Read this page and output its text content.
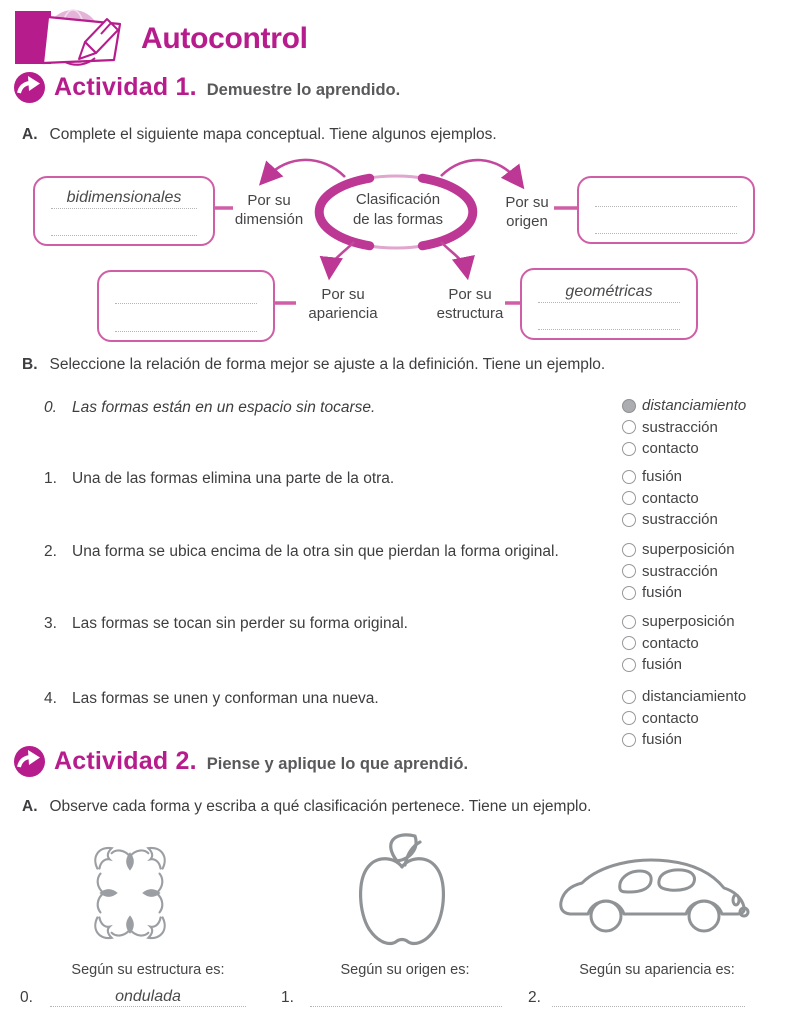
Autocontrol
Actividad 1. Demuestre lo aprendido.
A. Complete el siguiente mapa conceptual. Tiene algunos ejemplos.
Clasificación
de las formas
bidimensionales
geométricas
Por su
dimensión
Por su
origen
Por su
apariencia
Por su
estructura
B. Seleccione la relación de forma mejor se ajuste a la definición. Tiene un ejemplo.
0. Las formas están en un espacio sin tocarse.	distanciamiento
sustracción
contacto
1. Una de las formas elimina una parte de la otra.	fusión
contacto
sustracción
2. Una forma se ubica encima de la otra sin que pierdan la forma original.	superposición
sustracción
fusión
3. Las formas se tocan sin perder su forma original.	superposición
contacto
fusión
4. Las formas se unen y conforman una nueva.	distanciamiento
contacto
fusión
Actividad 2. Piense y aplique lo que aprendió.
A. Observe cada forma y escriba a qué clasificación pertenece. Tiene un ejemplo.
Según su estructura es:	Según su origen es:	Según su apariencia es:
0.	ondulada	1.	2.
